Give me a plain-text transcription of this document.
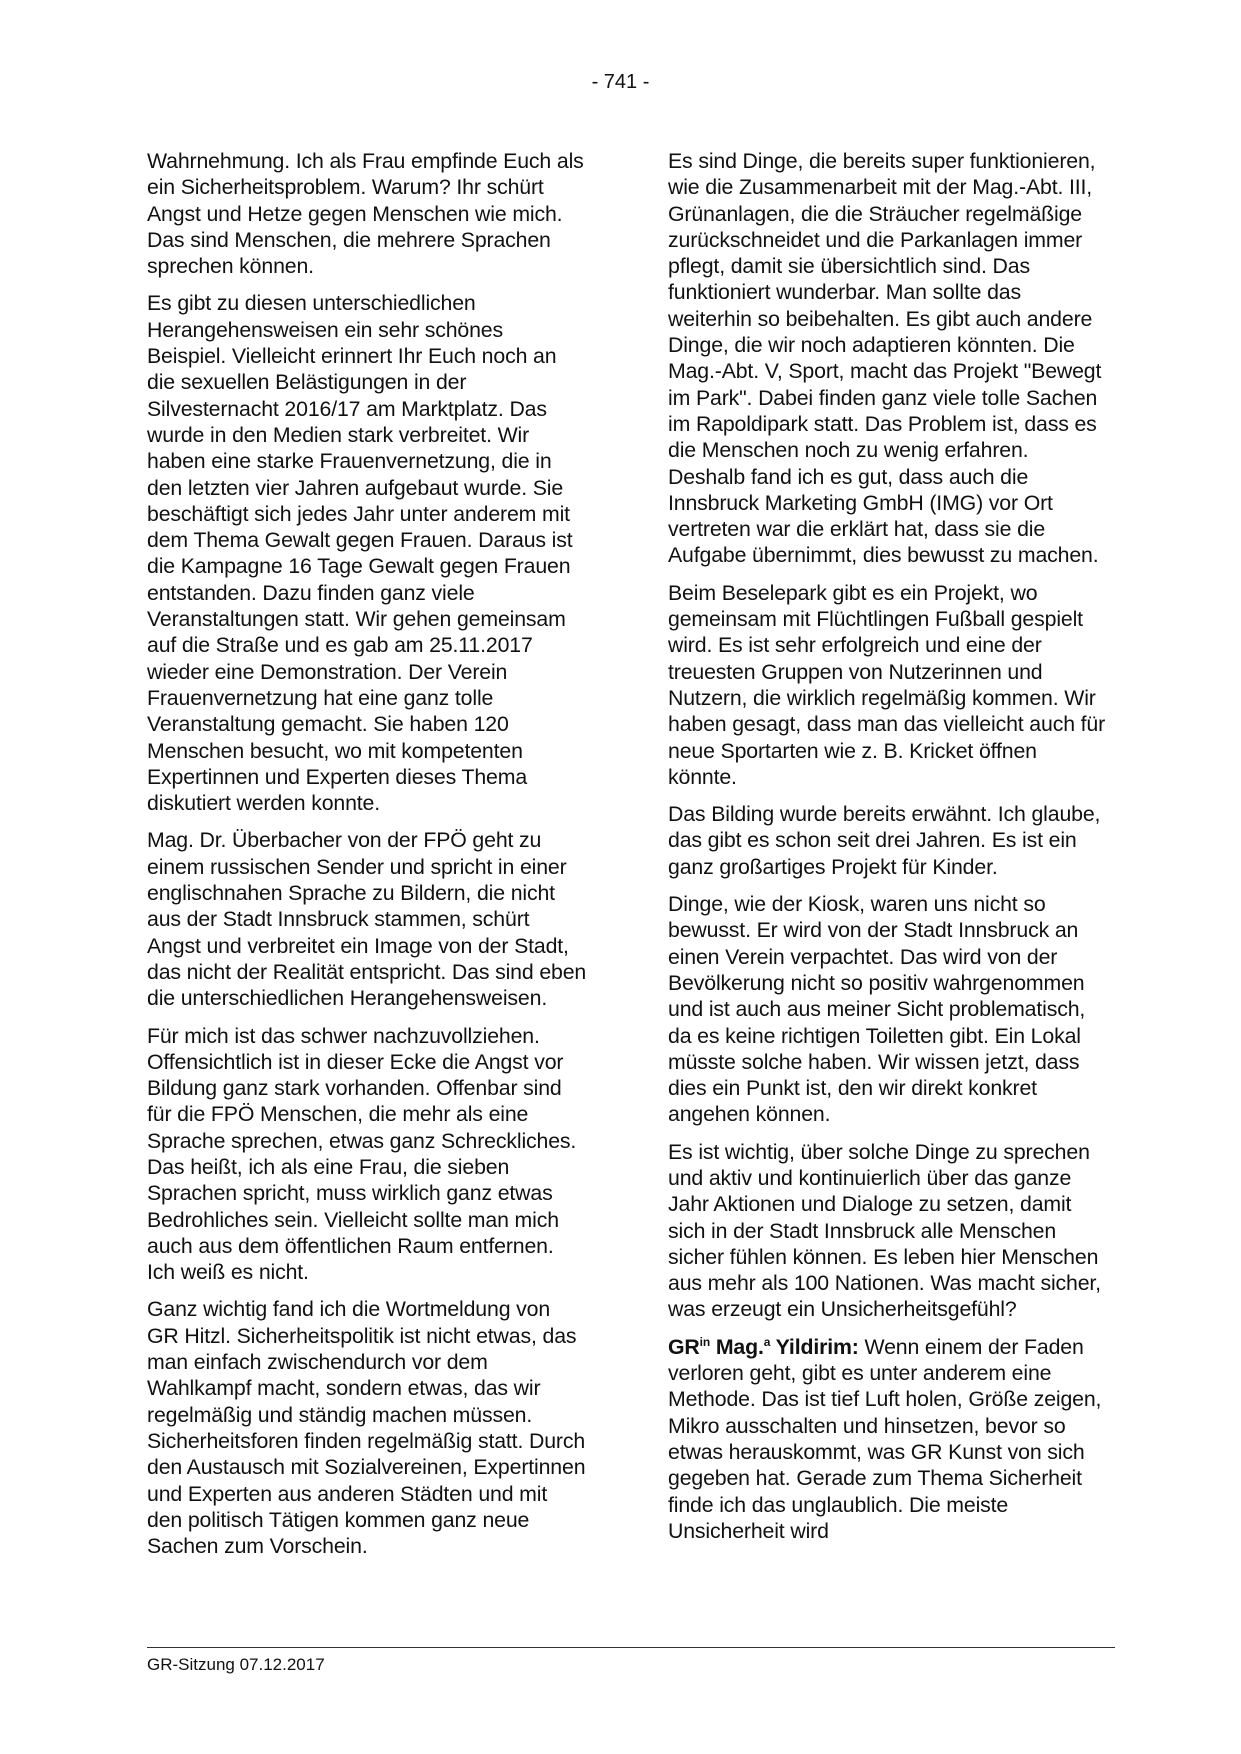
- 741 -

Wahrnehmung. Ich als Frau empfinde Euch als ein Sicherheitsproblem. Warum? Ihr schürt Angst und Hetze gegen Menschen wie mich. Das sind Menschen, die mehrere Sprachen sprechen können.

Es gibt zu diesen unterschiedlichen Herangehensweisen ein sehr schönes Beispiel. Vielleicht erinnert Ihr Euch noch an die sexuellen Belästigungen in der Silvesternacht 2016/17 am Marktplatz. Das wurde in den Medien stark verbreitet. Wir haben eine starke Frauenvernetzung, die in den letzten vier Jahren aufgebaut wurde. Sie beschäftigt sich jedes Jahr unter anderem mit dem Thema Gewalt gegen Frauen. Daraus ist die Kampagne 16 Tage Gewalt gegen Frauen entstanden. Dazu finden ganz viele Veranstaltungen statt. Wir gehen gemeinsam auf die Straße und es gab am 25.11.2017 wieder eine Demonstration. Der Verein Frauenvernetzung hat eine ganz tolle Veranstaltung gemacht. Sie haben 120 Menschen besucht, wo mit kompetenten Expertinnen und Experten dieses Thema diskutiert werden konnte.

Mag. Dr. Überbacher von der FPÖ geht zu einem russischen Sender und spricht in einer englischnahen Sprache zu Bildern, die nicht aus der Stadt Innsbruck stammen, schürt Angst und verbreitet ein Image von der Stadt, das nicht der Realität entspricht. Das sind eben die unterschiedlichen Herangehensweisen.

Für mich ist das schwer nachzuvollziehen. Offensichtlich ist in dieser Ecke die Angst vor Bildung ganz stark vorhanden. Offenbar sind für die FPÖ Menschen, die mehr als eine Sprache sprechen, etwas ganz Schreckliches. Das heißt, ich als eine Frau, die sieben Sprachen spricht, muss wirklich ganz etwas Bedrohliches sein. Vielleicht sollte man mich auch aus dem öffentlichen Raum entfernen. Ich weiß es nicht.

Ganz wichtig fand ich die Wortmeldung von GR Hitzl. Sicherheitspolitik ist nicht etwas, das man einfach zwischendurch vor dem Wahlkampf macht, sondern etwas, das wir regelmäßig und ständig machen müssen. Sicherheitsforen finden regelmäßig statt. Durch den Austausch mit Sozialvereinen, Expertinnen und Experten aus anderen Städten und mit den politisch Tätigen kommen ganz neue Sachen zum Vorschein.

Es sind Dinge, die bereits super funktionieren, wie die Zusammenarbeit mit der Mag.-Abt. III, Grünanlagen, die die Sträucher regelmäßige zurückschneidet und die Parkanlagen immer pflegt, damit sie übersichtlich sind. Das funktioniert wunderbar. Man sollte das weiterhin so beibehalten. Es gibt auch andere Dinge, die wir noch adaptieren könnten. Die Mag.-Abt. V, Sport, macht das Projekt "Bewegt im Park". Dabei finden ganz viele tolle Sachen im Rapoldipark statt. Das Problem ist, dass es die Menschen noch zu wenig erfahren. Deshalb fand ich es gut, dass auch die Innsbruck Marketing GmbH (IMG) vor Ort vertreten war die erklärt hat, dass sie die Aufgabe übernimmt, dies bewusst zu machen.

Beim Beselepark gibt es ein Projekt, wo gemeinsam mit Flüchtlingen Fußball gespielt wird. Es ist sehr erfolgreich und eine der treuesten Gruppen von Nutzerinnen und Nutzern, die wirklich regelmäßig kommen. Wir haben gesagt, dass man das vielleicht auch für neue Sportarten wie z. B. Kricket öffnen könnte.

Das Bilding wurde bereits erwähnt. Ich glaube, das gibt es schon seit drei Jahren. Es ist ein ganz großartiges Projekt für Kinder.

Dinge, wie der Kiosk, waren uns nicht so bewusst. Er wird von der Stadt Innsbruck an einen Verein verpachtet. Das wird von der Bevölkerung nicht so positiv wahrgenommen und ist auch aus meiner Sicht problematisch, da es keine richtigen Toiletten gibt. Ein Lokal müsste solche haben. Wir wissen jetzt, dass dies ein Punkt ist, den wir direkt konkret angehen können.

Es ist wichtig, über solche Dinge zu sprechen und aktiv und kontinuierlich über das ganze Jahr Aktionen und Dialoge zu setzen, damit sich in der Stadt Innsbruck alle Menschen sicher fühlen können. Es leben hier Menschen aus mehr als 100 Nationen. Was macht sicher, was erzeugt ein Unsicherheitsgefühl?

$GR^{in}$ Mag.$^a$ Yildirim: Wenn einem der Faden verloren geht, gibt es unter anderem eine Methode. Das ist tief Luft holen, Größe zeigen, Mikro ausschalten und hinsetzen, bevor so etwas herauskommt, was GR Kunst von sich gegeben hat. Gerade zum Thema Sicherheit finde ich das unglaublich. Die meiste Unsicherheit wird

GR-Sitzung 07.12.2017
